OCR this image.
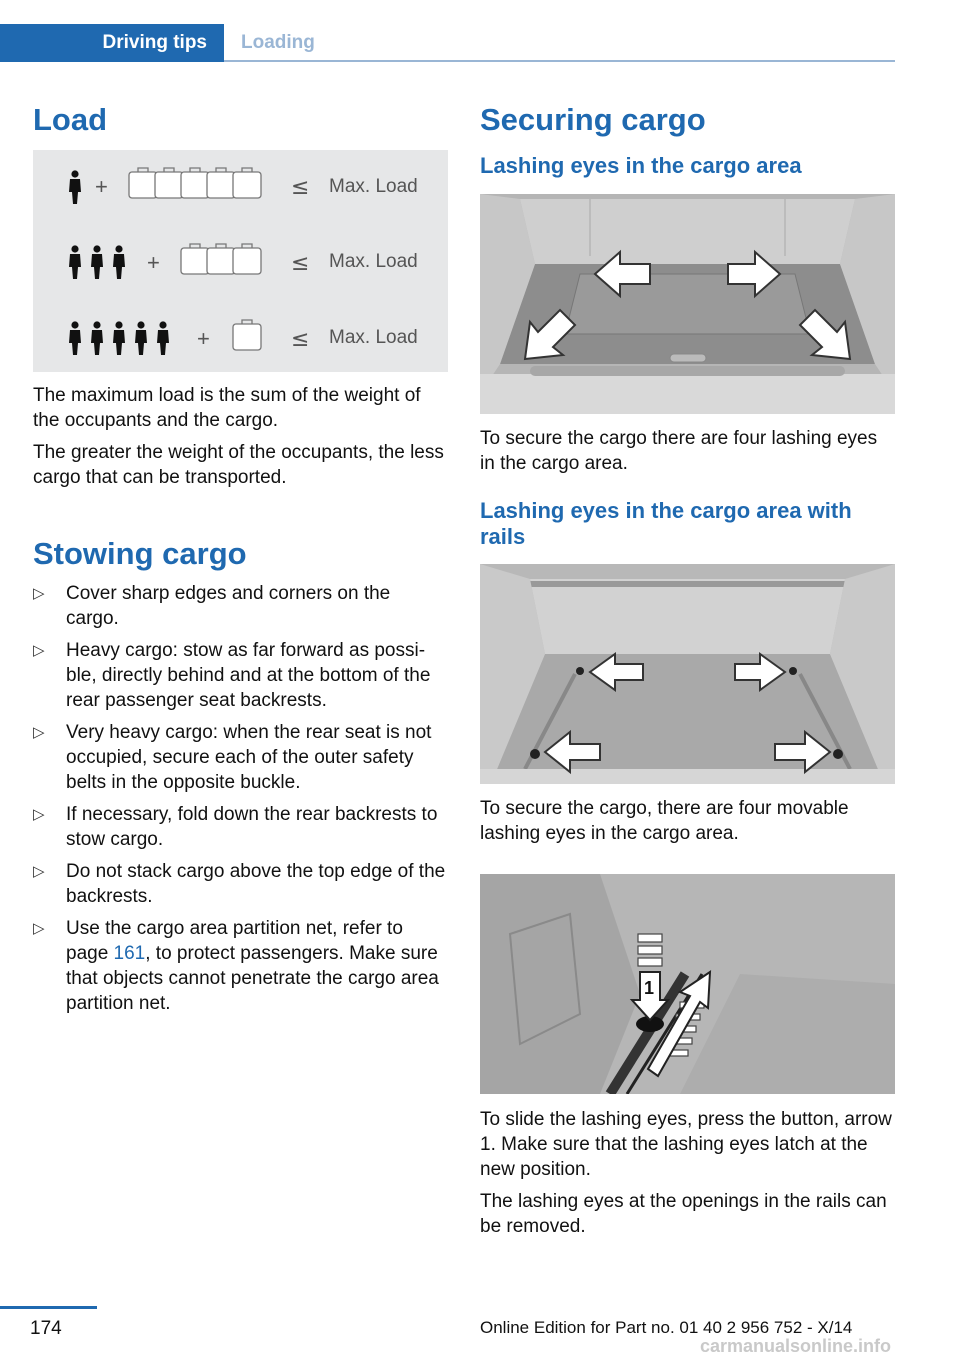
Driving tips	Loading
Load
+	≤ Max. Load
+	≤ Max. Load
+	≤ Max. Load

The maximum load is the sum of the weight of the occupants and the cargo.

The greater the weight of the occupants, the less cargo that can be transported.

Stowing cargo
▷ Cover sharp edges and corners on the cargo.
▷ Heavy cargo: stow as far forward as possible, directly behind and at the bottom of the rear passenger seat backrests.
▷ Very heavy cargo: when the rear seat is not occupied, secure each of the outer safety belts in the opposite buckle.
▷ If necessary, fold down the rear backrests to stow cargo.
▷ Do not stack cargo above the top edge of the backrests.
▷ Use the cargo area partition net, refer to page 161, to protect passengers. Make sure that objects cannot penetrate the cargo area partition net.
Securing cargo
Lashing eyes in the cargo area

To secure the cargo there are four lashing eyes in the cargo area.

Lashing eyes in the cargo area with rails

To secure the cargo, there are four movable lashing eyes in the cargo area.

1

To slide the lashing eyes, press the button, arrow 1. Make sure that the lashing eyes latch at the new position.

The lashing eyes at the openings in the rails can be removed.

174	Online Edition for Part no. 01 40 2 956 752 - X/14
carmanualsonline.info
